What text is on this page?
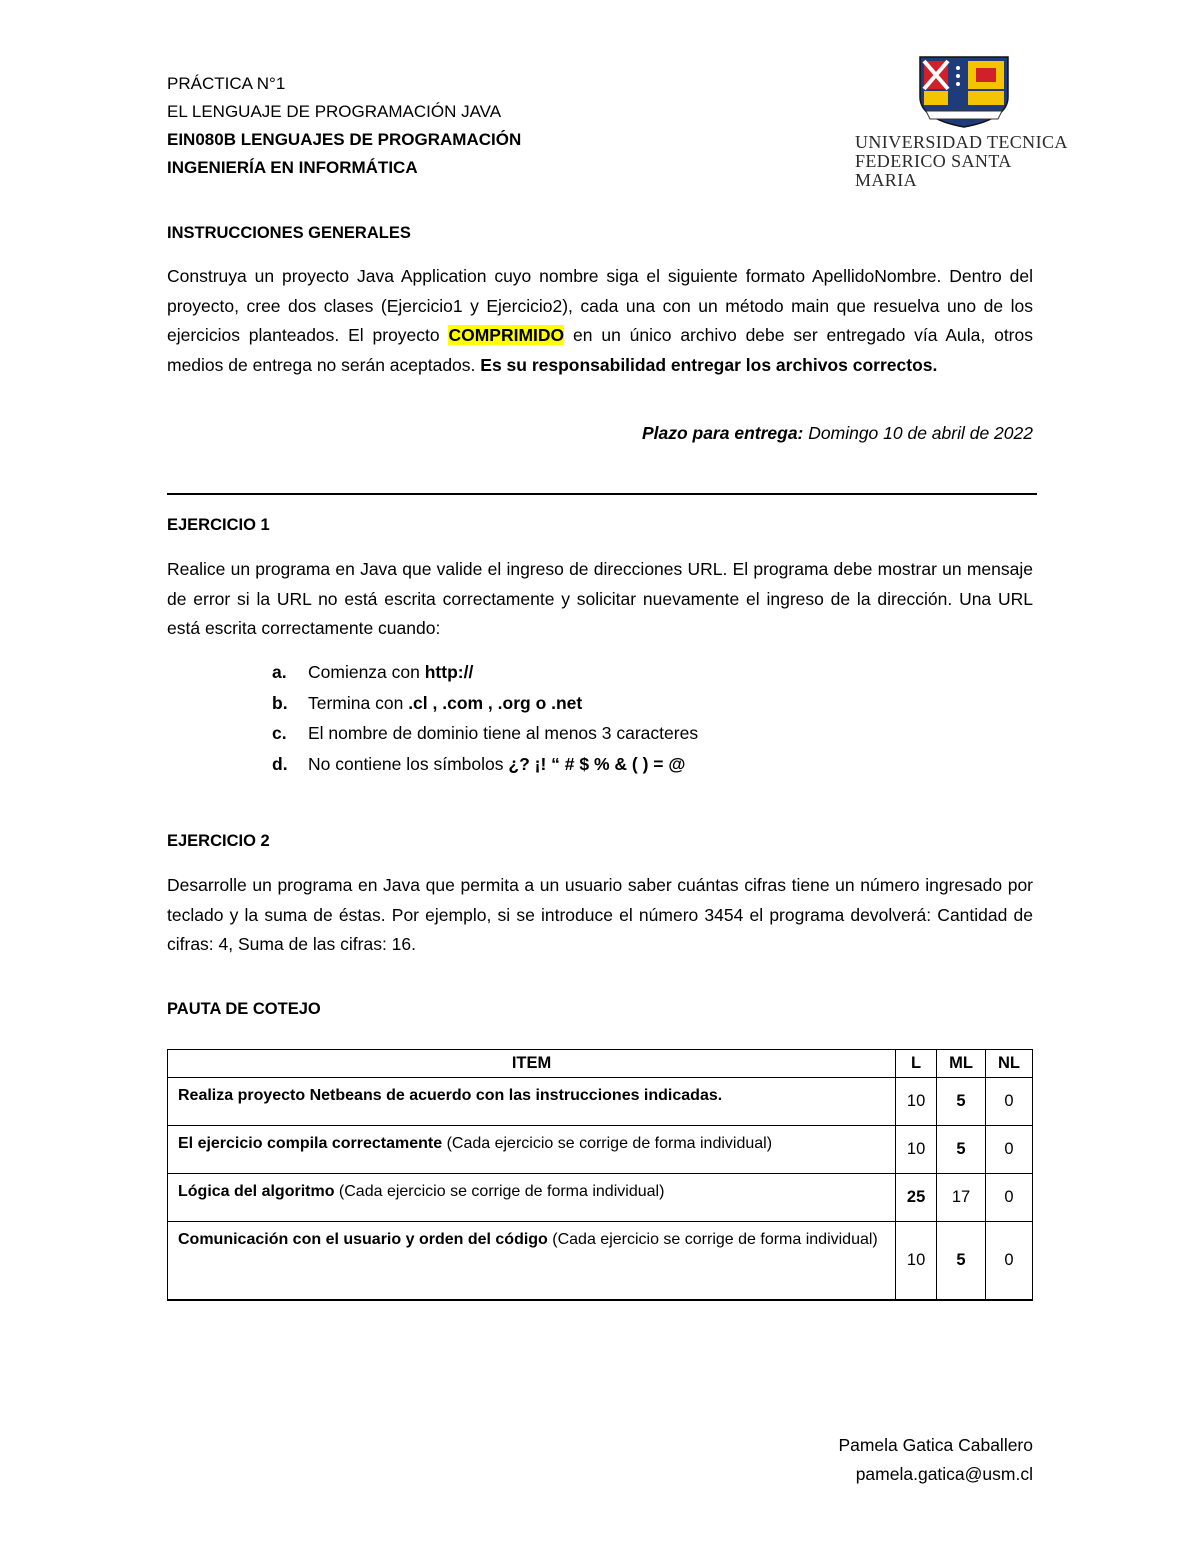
PRÁCTICA N°1
EL LENGUAJE DE PROGRAMACIÓN JAVA
EIN080B LENGUAJES DE PROGRAMACIÓN
INGENIERÍA EN INFORMÁTICA
UNIVERSIDAD TECNICA
FEDERICO SANTA MARIA
INSTRUCCIONES GENERALES
Construya un proyecto Java Application cuyo nombre siga el siguiente formato ApellidoNombre. Dentro del proyecto, cree dos clases (Ejercicio1 y Ejercicio2), cada una con un método main que resuelva uno de los ejercicios planteados. El proyecto COMPRIMIDO en un único archivo debe ser entregado vía Aula, otros medios de entrega no serán aceptados. Es su responsabilidad entregar los archivos correctos.
Plazo para entrega: Domingo 10 de abril de 2022
EJERCICIO 1
Realice un programa en Java que valide el ingreso de direcciones URL. El programa debe mostrar un mensaje de error si la URL no está escrita correctamente y solicitar nuevamente el ingreso de la dirección. Una URL está escrita correctamente cuando:
a. Comienza con http://
b. Termina con .cl , .com , .org o .net
c. El nombre de dominio tiene al menos 3 caracteres
d. No contiene los símbolos ¿? ¡! “ # $ % & ( ) = @
EJERCICIO 2
Desarrolle un programa en Java que permita a un usuario saber cuántas cifras tiene un número ingresado por teclado y la suma de éstas. Por ejemplo, si se introduce el número 3454 el programa devolverá: Cantidad de cifras: 4, Suma de las cifras: 16.
PAUTA DE COTEJO
ITEM	L	ML	NL
Realiza proyecto Netbeans de acuerdo con las instrucciones indicadas.	10	5	0
El ejercicio compila correctamente (Cada ejercicio se corrige de forma individual)	10	5	0
Lógica del algoritmo (Cada ejercicio se corrige de forma individual)	25	17	0
Comunicación con el usuario y orden del código (Cada ejercicio se corrige de forma individual)	10	5	0
Pamela Gatica Caballero
pamela.gatica@usm.cl
